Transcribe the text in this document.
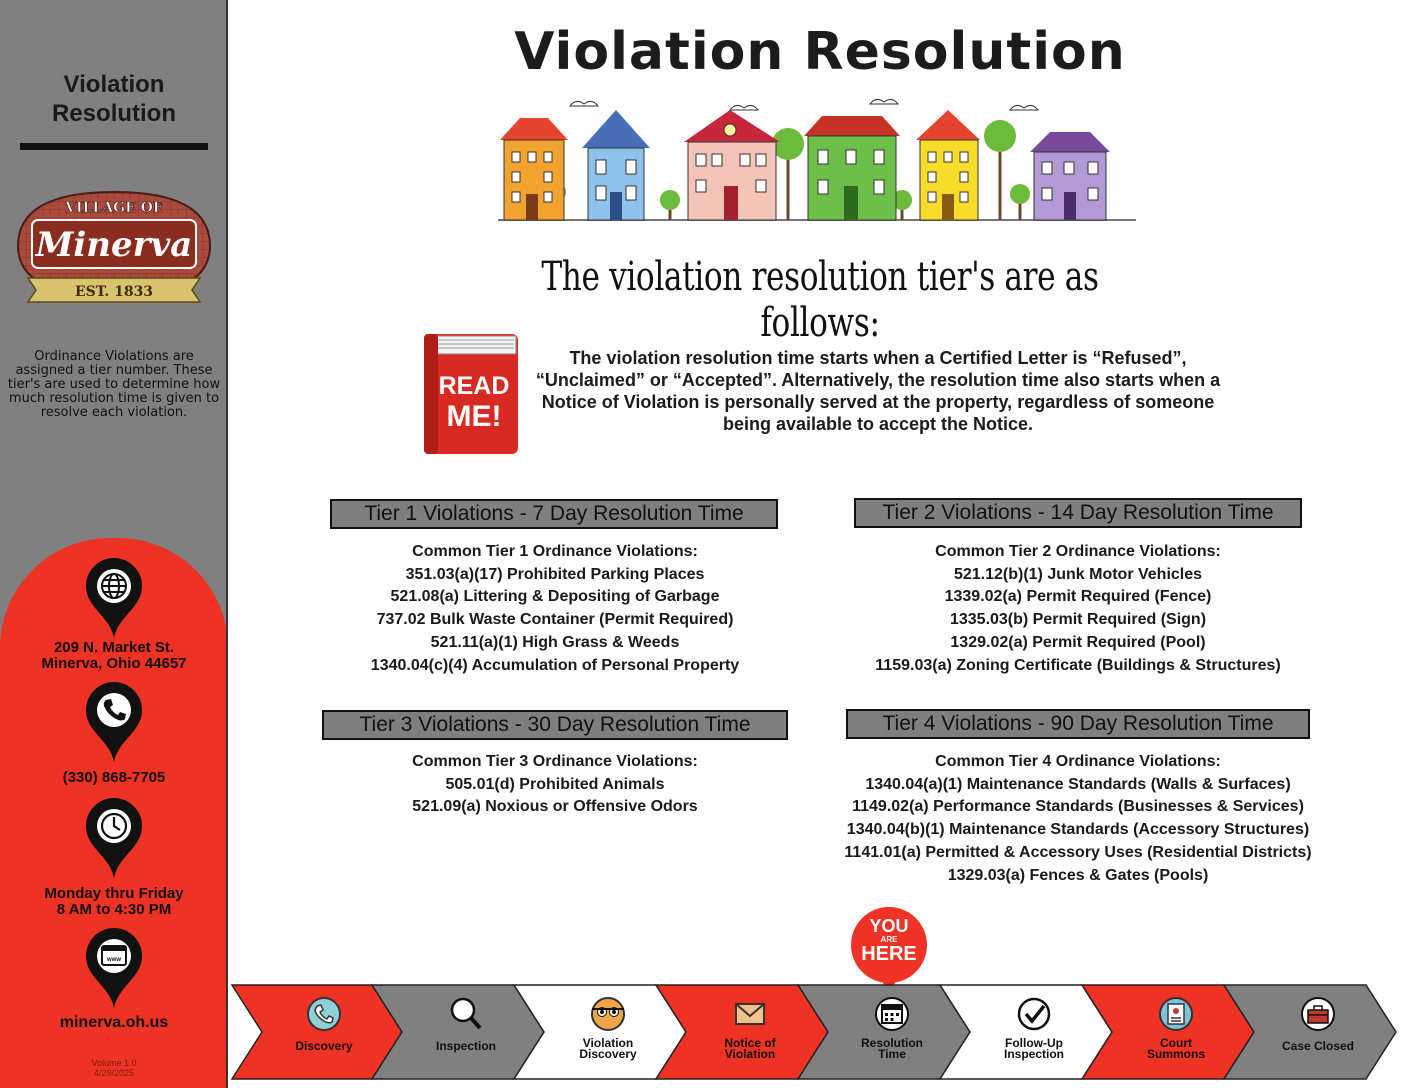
Violation
Resolution
VILLAGE OF
Minerva
EST. 1833
Ordinance Violations are assigned a tier number. These tier's are used to determine how much resolution time is given to resolve each violation.
209 N. Market St.
Minerva, Ohio 44657
(330) 868-7705
Monday thru Friday
8 AM to 4:30 PM
www
minerva.oh.us
Volume 1.0
4/29/2025
Violation Resolution
The violation resolution tier's are as follows:
READ
ME!
The violation resolution time starts when a Certified Letter is “Refused”, “Unclaimed” or “Accepted”. Alternatively, the resolution time also starts when a Notice of Violation is personally served at the property, regardless of someone being available to accept the Notice.
Tier 1 Violations - 7 Day Resolution Time
Common Tier 1 Ordinance Violations:
351.03(a)(17) Prohibited Parking Places
521.08(a) Littering & Depositing of Garbage
737.02 Bulk Waste Container (Permit Required)
521.11(a)(1) High Grass & Weeds
1340.04(c)(4) Accumulation of Personal Property
Tier 2 Violations - 14 Day Resolution Time
Common Tier 2 Ordinance Violations:
521.12(b)(1) Junk Motor Vehicles
1339.02(a) Permit Required (Fence)
1335.03(b) Permit Required (Sign)
1329.02(a) Permit Required (Pool)
1159.03(a) Zoning Certificate (Buildings & Structures)
Tier 3 Violations - 30 Day Resolution Time
Common Tier 3 Ordinance Violations:
505.01(d) Prohibited Animals
521.09(a) Noxious or Offensive Odors
Tier 4 Violations - 90 Day Resolution Time
Common Tier 4 Ordinance Violations:
1340.04(a)(1) Maintenance Standards (Walls & Surfaces)
1149.02(a) Performance Standards (Businesses & Services)
1340.04(b)(1) Maintenance Standards (Accessory Structures)
1141.01(a) Permitted & Accessory Uses (Residential Districts)
1329.03(a) Fences & Gates (Pools)
YOU
ARE
HERE
Discovery	Inspection	Violation
Discovery
Notice of
Violation
Resolution
Time
Follow-Up
Inspection
Court
Summons
Case Closed
